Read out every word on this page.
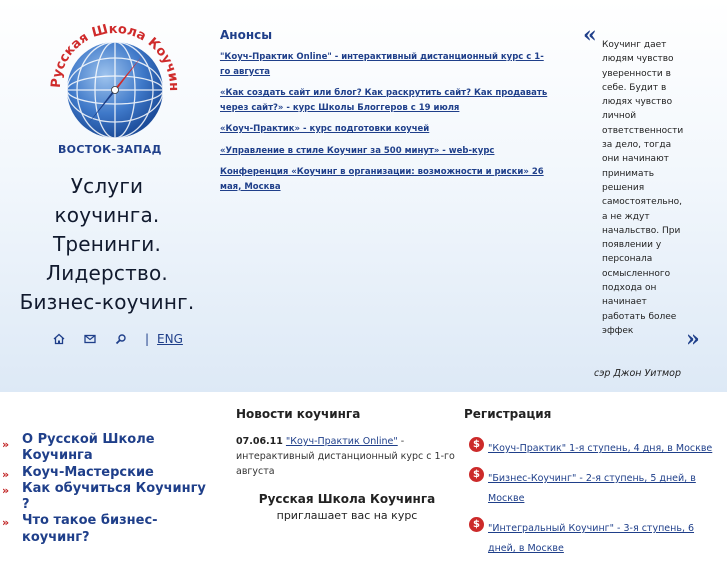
Русская Школа Коучин
ВОСТОК-ЗАПАД
Услуги
коучинга.
Тренинги.
Лидерство.
Бизнес-коучинг.
| ENG
Анонсы
"Коуч-Практик Online" - интерактивный дистанционный курс с 1-го августа
«Как создать сайт или блог? Как раскрутить сайт? Как продавать через сайт?» - курс Школы Блоггеров с 19 июля
«Коуч-Практик» - курс подготовки коучей
«Управление в стиле Коучинг за 500 минут» - web-курс
Конференция «Коучинг в организации: возможности и риски» 26 мая, Москва
« Коучинг дает людям чувство уверенности в себе. Будит в людях чувство личной ответственности за дело, тогда они начинают принимать решения самостоятельно, а не ждут начальство. При появлении у персонала осмысленного подхода он начинает работать более эффек	»
сэр Джон Уитмор
» О Русской Школе Коучинга
» Коуч-Мастерские
» Как обучиться Коучингу ?
» Что такое бизнес-коучинг?
Новости коучинга
07.06.11 "Коуч-Практик Online" - интерактивный дистанционный курс с 1-го августа
Русская Школа Коучинга
приглашает вас на курс
Регистрация
$ "Коуч-Практик" 1-я ступень, 4 дня, в Москве
$ "Бизнес-Коучинг" - 2-я ступень, 5 дней, в Москве
$ "Интегральный Коучинг" - 3-я ступень, 6 дней, в Москве
